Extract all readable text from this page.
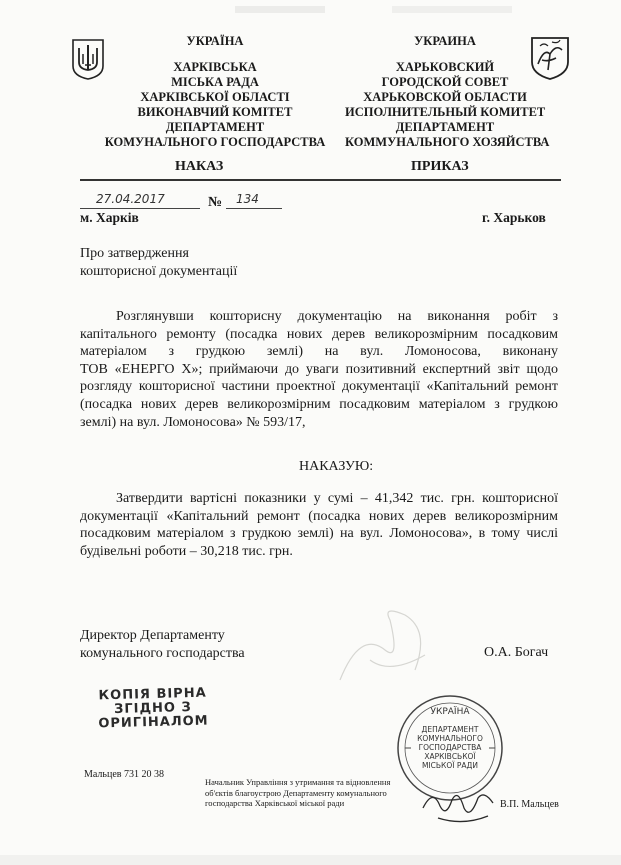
УКРАЇНА
ХАРКІВСЬКА
МІСЬКА РАДА
ХАРКІВСЬКОЇ ОБЛАСТІ
ВИКОНАВЧИЙ КОМІТЕТ
ДЕПАРТАМЕНТ
КОМУНАЛЬНОГО ГОСПОДАРСТВА
УКРАИНА
ХАРЬКОВСКИЙ
ГОРОДСКОЙ СОВЕТ
ХАРЬКОВСКОЙ ОБЛАСТИ
ИСПОЛНИТЕЛЬНЫЙ КОМИТЕТ
ДЕПАРТАМЕНТ
КОММУНАЛЬНОГО ХОЗЯЙСТВА
НАКАЗ	ПРИКАЗ
27.04.2017	№ 134
м. Харків	г. Харьков
Про затвердження
кошторисної документації
Розглянувши кошторисну документацію на виконання робіт з
капітального ремонту (посадка нових дерев великорозмірним посадковим
матеріалом з грудкою землі) на вул. Ломоносова, виконану
ТОВ «ЕНЕРГО Х»; приймаючи до уваги позитивний експертний звіт щодо
розгляду кошторисної частини проектної документації «Капітальний ремонт
(посадка нових дерев великорозмірним посадковим матеріалом з грудкою
землі) на вул. Ломоносова» № 593/17,
НАКАЗУЮ:
Затвердити вартісні показники у сумі – 41,342 тис. грн. кошторисної
документації «Капітальний ремонт (посадка нових дерев великорозмірним
посадковим матеріалом з грудкою землі) на вул. Ломоносова», в тому числі
будівельні роботи – 30,218 тис. грн.
Директор Департаменту
комунального господарства	О.А. Богач
КОПІЯ ВІРНА
ЗГІДНО З
ОРИГІНАЛОМ
Мальцев 731 20 38
УКРАЇНА
ДЕПАРТАМЕНТ
КОМУНАЛЬНОГО
ГОСПОДАРСТВА
ХАРКІВСЬКОЇ
МІСЬКОЇ РАДИ
Начальник Управління з утримання та відновлення
об'єктів благоустрою Департаменту комунального
господарства Харківської міської ради	В.П. Мальцев
